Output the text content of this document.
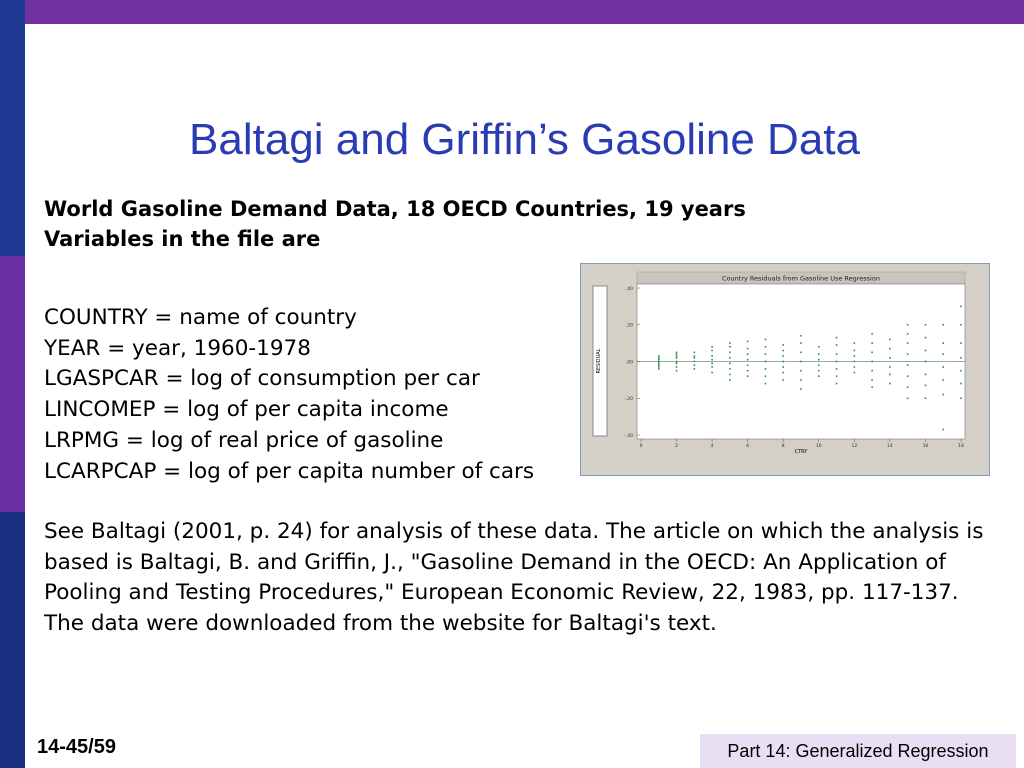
Baltagi and Griffin’s Gasoline Data
World Gasoline Demand Data, 18 OECD Countries, 19 years
Variables in the file are
COUNTRY = name of country
YEAR = year, 1960-1978
LGASPCAR = log of consumption per car
LINCOMEP = log of per capita income
LRPMG = log of real price of gasoline
LCARPCAP = log of per capita number of cars
RESIDUAL
Country Residuals from Gasoline Use Regression
-.40
-.20
.00
.20
.40
0	2	4	6	8	10	12	14	16	18
CTRY
See Baltagi (2001, p. 24) for analysis of these data. The article on which the analysis is based is Baltagi, B. and Griffin, J., "Gasoline Demand in the OECD: An Application of Pooling and Testing Procedures," European Economic Review, 22, 1983, pp. 117-137. The data were downloaded from the website for Baltagi's text.
14-45/59	Part 14: Generalized Regression
